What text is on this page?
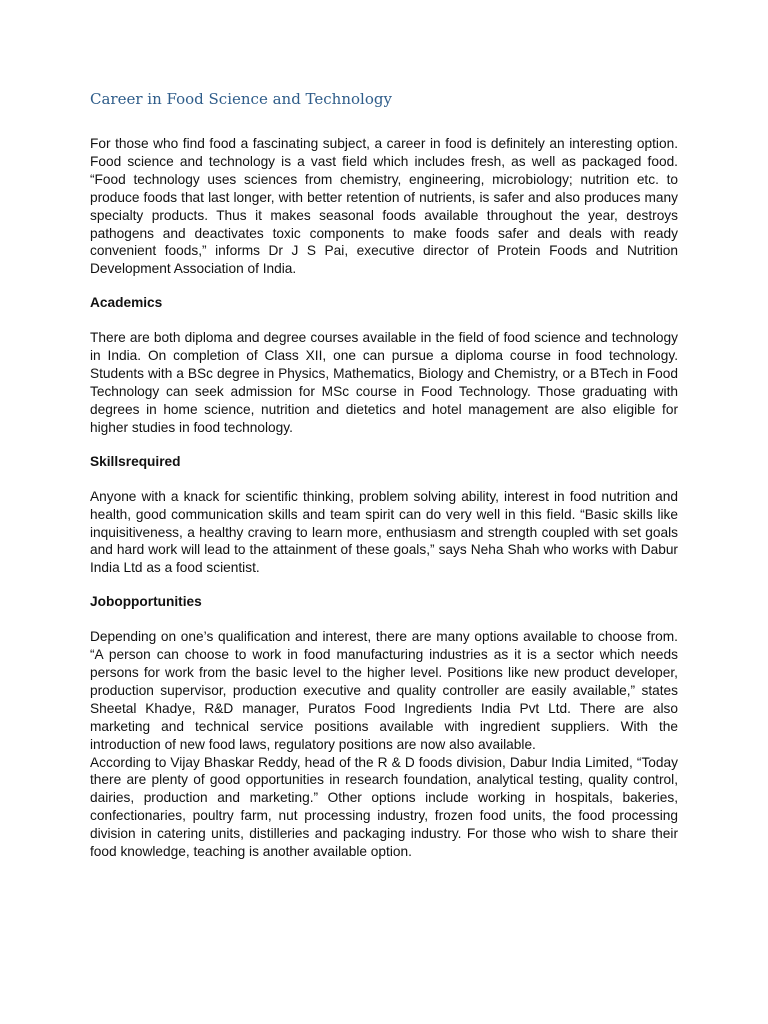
Career in Food Science and Technology

For those who find food a fascinating subject, a career in food is definitely an interesting option. Food science and technology is a vast field which includes fresh, as well as packaged food. “Food technology uses sciences from chemistry, engineering, microbiology; nutrition etc. to produce foods that last longer, with better retention of nutrients, is safer and also produces many specialty products. Thus it makes seasonal foods available throughout the year, destroys pathogens and deactivates toxic components to make foods safer and deals with ready convenient foods,” informs Dr J S Pai, executive director of Protein Foods and Nutrition Development Association of India.

Academics

There are both diploma and degree courses available in the field of food science and technology in India. On completion of Class XII, one can pursue a diploma course in food technology. Students with a BSc degree in Physics, Mathematics, Biology and Chemistry, or a BTech in Food Technology can seek admission for MSc course in Food Technology. Those graduating with degrees in home science, nutrition and dietetics and hotel management are also eligible for higher studies in food technology.

Skillsrequired

Anyone with a knack for scientific thinking, problem solving ability, interest in food nutrition and health, good communication skills and team spirit can do very well in this field. “Basic skills like inquisitiveness, a healthy craving to learn more, enthusiasm and strength coupled with set goals and hard work will lead to the attainment of these goals,” says Neha Shah who works with Dabur India Ltd as a food scientist.

Jobopportunities

Depending on one’s qualification and interest, there are many options available to choose from. “A person can choose to work in food manufacturing industries as it is a sector which needs persons for work from the basic level to the higher level. Positions like new product developer, production supervisor, production executive and quality controller are easily available,” states Sheetal Khadye, R&D manager, Puratos Food Ingredients India Pvt Ltd. There are also marketing and technical service positions available with ingredient suppliers. With the introduction of new food laws, regulatory positions are now also available.

According to Vijay Bhaskar Reddy, head of the R & D foods division, Dabur India Limited, “Today there are plenty of good opportunities in research foundation, analytical testing, quality control, dairies, production and marketing.” Other options include working in hospitals, bakeries, confectionaries, poultry farm, nut processing industry, frozen food units, the food processing division in catering units, distilleries and packaging industry. For those who wish to share their food knowledge, teaching is another available option.
